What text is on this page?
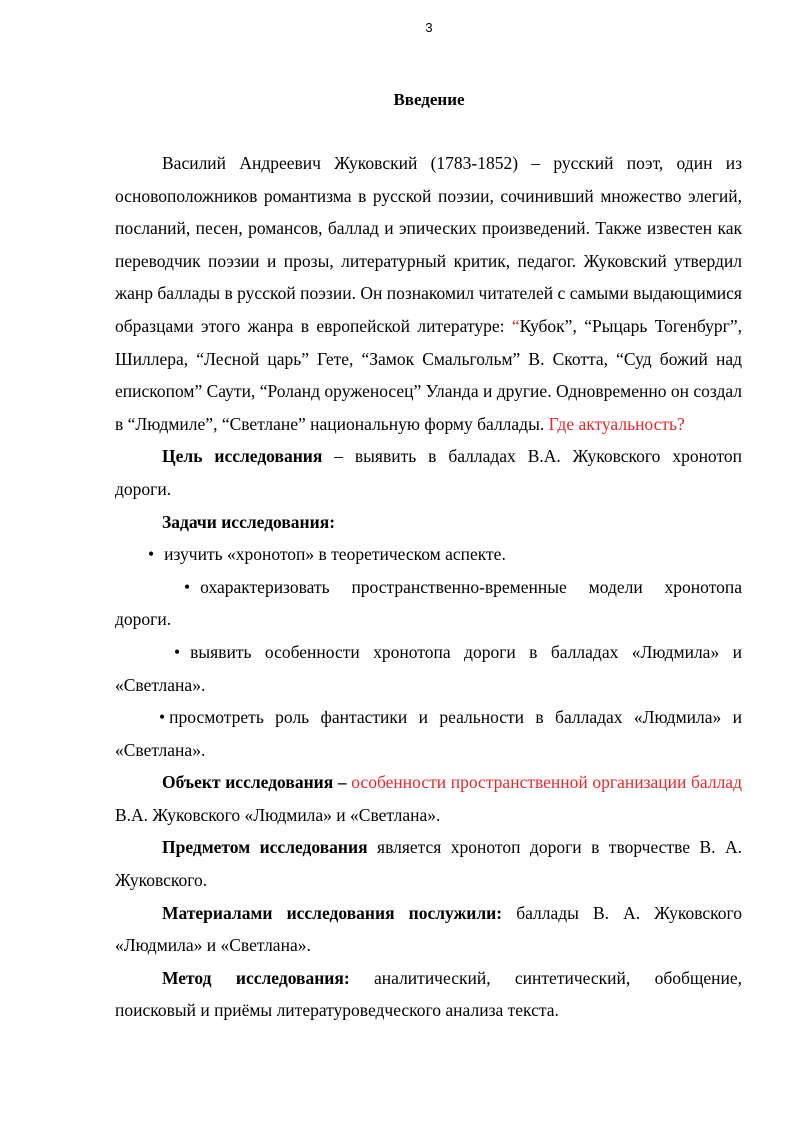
3
Введение

Василий Андреевич Жуковский (1783-1852) – русский поэт, один из основоположников романтизма в русской поэзии, сочинивший множество элегий, посланий, песен, романсов, баллад и эпических произведений. Также известен как переводчик поэзии и прозы, литературный критик, педагог. Жуковский утвердил жанр баллады в русской поэзии. Он познакомил читателей с самыми выдающимися образцами этого жанра в европейской литературе: “Кубок”, “Рыцарь Тогенбург”, Шиллера, “Лесной царь” Гете, “Замок Смальгольм” В. Скотта, “Суд божий над епископом” Саути, “Роланд оруженосец” Уланда и другие. Одновременно он создал в “Людмиле”, “Светлане” национальную форму баллады. Где актуальность?

Цель исследования – выявить в балладах В.А. Жуковского хронотоп дороги.

Задачи исследования:

• изучить «хронотоп» в теоретическом аспекте.

• охарактеризовать пространственно-временные модели хронотопа дороги.

• выявить особенности хронотопа дороги в балладах «Людмила» и «Светлана».

• просмотреть роль фантастики и реальности в балладах «Людмила» и «Светлана».

Объект исследования – особенности пространственной организации баллад В.А. Жуковского «Людмила» и «Светлана».

Предметом исследования является хронотоп дороги в творчестве В. А. Жуковского.

Материалами исследования послужили: баллады В. А. Жуковского «Людмила» и «Светлана».

Метод исследования: аналитический, синтетический, обобщение, поисковый и приёмы литературоведческого анализа текста.
